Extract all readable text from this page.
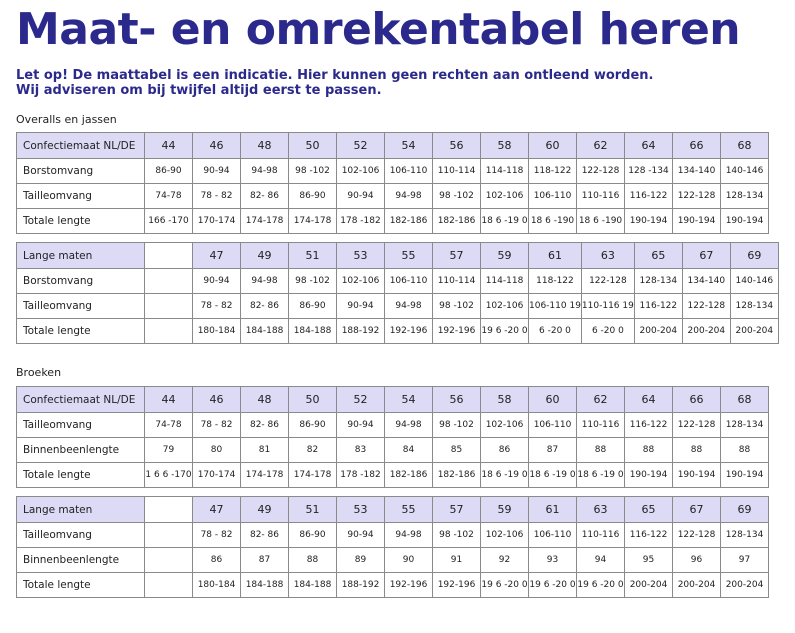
Maat- en omrekentabel heren

Let op! De maattabel is een indicatie. Hier kunnen geen rechten aan ontleend worden.
Wij adviseren om bij twijfel altijd eerst te passen.

Overalls en jassen
Confectiemaat NL/DE	44	46	48	50	52	54	56	58	60	62	64	66	68
Borstomvang	86-90	90-94	94-98	98 -102	102-106	106-110	110-114	114-118	118-122	122-128	128 -134	134-140	140-146
Tailleomvang	74-78	78 - 82	82- 86	86-90	90-94	94-98	98 -102	102-106	106-110	110-116	116-122	122-128	128-134
Totale lengte	166 -170	170-174	174-178	174-178	178 -182	182-186	182-186	18 6 -19 0	18 6 -190	18 6 -190	190-194	190-194	190-194
Lange maten		47	49	51	53	55	57	59	61	63	65	67	69
Borstomvang		90-94	94-98	98 -102	102-106	106-110	110-114	114-118	118-122	122-128	128-134	134-140	140-146
Tailleomvang		78 - 82	82- 86	86-90	90-94	94-98	98 -102	102-106	106-110 19	110-116 19	116-122	122-128	128-134
Totale lengte		180-184	184-188	184-188	188-192	192-196	192-196	19 6 -20 0	6 -20 0	6 -20 0	200-204	200-204	200-204
Broeken
Confectiemaat NL/DE	44	46	48	50	52	54	56	58	60	62	64	66	68
Tailleomvang	74-78	78 - 82	82- 86	86-90	90-94	94-98	98 -102	102-106	106-110	110-116	116-122	122-128	128-134
Binnenbeenlengte	79	80	81	82	83	84	85	86	87	88	88	88	88
Totale lengte	1 6 6 -170	170-174	174-178	174-178	178 -182	182-186	182-186	18 6 -19 0	18 6 -19 0	18 6 -19 0	190-194	190-194	190-194
Lange maten		47	49	51	53	55	57	59	61	63	65	67	69
Tailleomvang		78 - 82	82- 86	86-90	90-94	94-98	98 -102	102-106	106-110	110-116	116-122	122-128	128-134
Binnenbeenlengte		86	87	88	89	90	91	92	93	94	95	96	97
Totale lengte		180-184	184-188	184-188	188-192	192-196	192-196	19 6 -20 0	19 6 -20 0	19 6 -20 0	200-204	200-204	200-204
